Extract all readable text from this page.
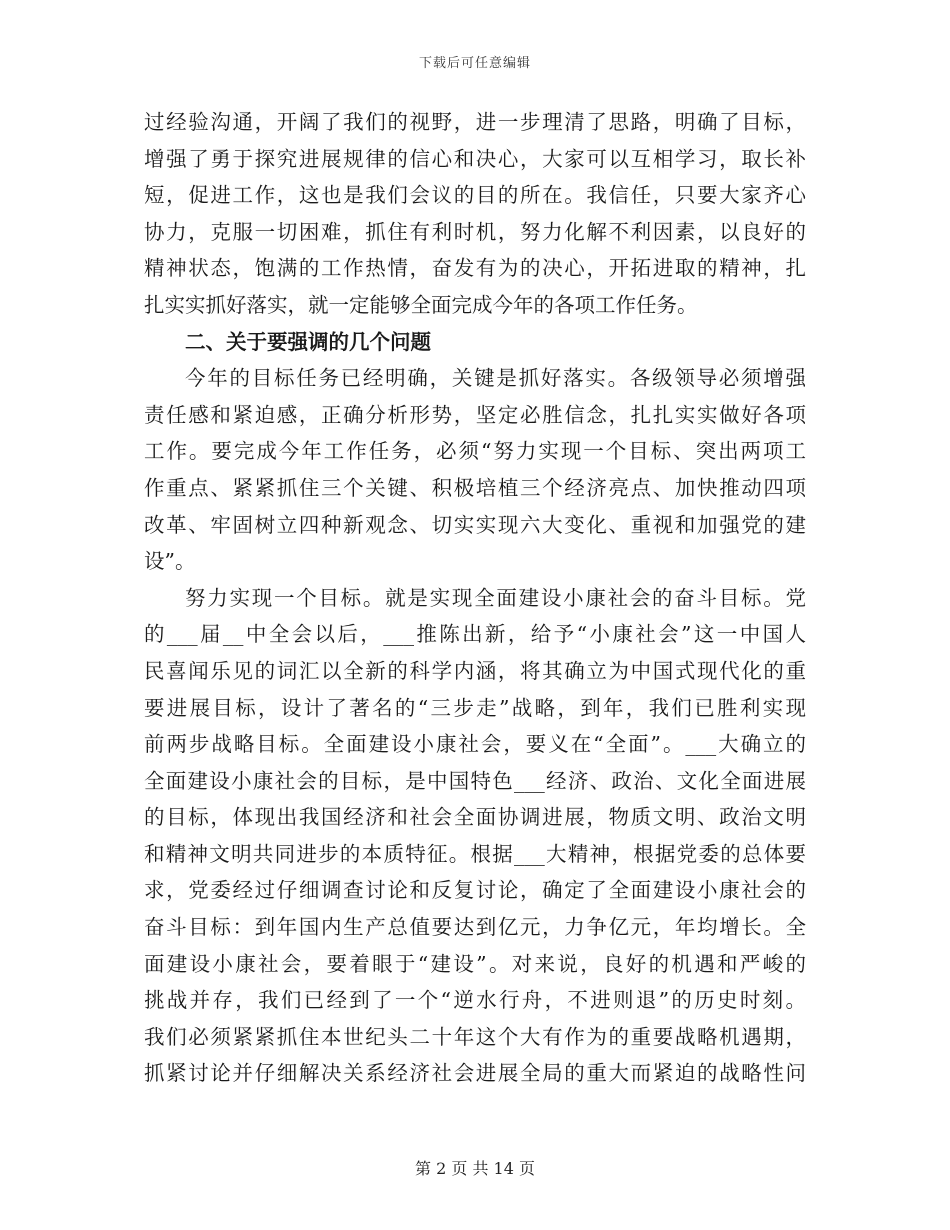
下载后可任意编辑
过经验沟通，开阔了我们的视野，进一步理清了思路，明确了目标，
增强了勇于探究进展规律的信心和决心，大家可以互相学习，取长补
短，促进工作，这也是我们会议的目的所在。我信任，只要大家齐心
协力，克服一切困难，抓住有利时机，努力化解不利因素，以良好的
精神状态，饱满的工作热情，奋发有为的决心，开拓进取的精神，扎
扎实实抓好落实，就一定能够全面完成今年的各项工作任务。
二、关于要强调的几个问题
今年的目标任务已经明确，关键是抓好落实。各级领导必须增强
责任感和紧迫感，正确分析形势，坚定必胜信念，扎扎实实做好各项
工作。要完成今年工作任务，必须“努力实现一个目标、突出两项工
作重点、紧紧抓住三个关键、积极培植三个经济亮点、加快推动四项
改革、牢固树立四种新观念、切实实现六大变化、重视和加强党的建
设”。
努力实现一个目标。就是实现全面建设小康社会的奋斗目标。党
的___届__中全会以后，___推陈出新，给予“小康社会”这一中国人
民喜闻乐见的词汇以全新的科学内涵，将其确立为中国式现代化的重
要进展目标，设计了著名的“三步走”战略，到年，我们已胜利实现
前两步战略目标。全面建设小康社会，要义在“全面”。___大确立的
全面建设小康社会的目标，是中国特色___经济、政治、文化全面进展
的目标，体现出我国经济和社会全面协调进展，物质文明、政治文明
和精神文明共同进步的本质特征。根据___大精神，根据党委的总体要
求，党委经过仔细调查讨论和反复讨论，确定了全面建设小康社会的
奋斗目标：到年国内生产总值要达到亿元，力争亿元，年均增长。全
面建设小康社会，要着眼于“建设”。对来说，良好的机遇和严峻的
挑战并存，我们已经到了一个“逆水行舟，不进则退”的历史时刻。
我们必须紧紧抓住本世纪头二十年这个大有作为的重要战略机遇期，
抓紧讨论并仔细解决关系经济社会进展全局的重大而紧迫的战略性问
第 2 页 共 14 页
